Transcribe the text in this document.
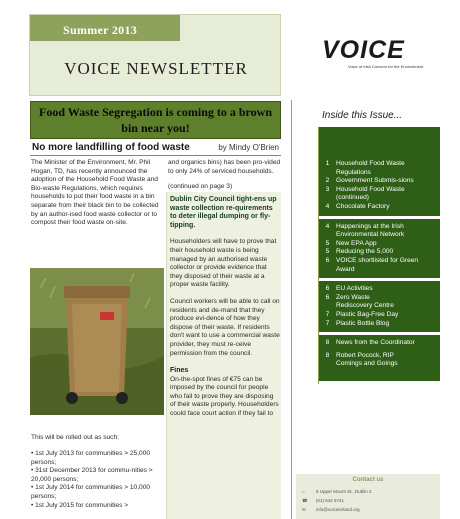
Summer 2013
VOICE NEWSLETTER
VOICE
Voice of Irish Concern for the Environment
Food Waste Segregation is coming to a brown bin near you!
No more landfilling of food waste	by Mindy O'Brien
The Minister of the Environment, Mr. Phil Hogan, TD, has recently announced the adoption of the Household Food Waste and Bio-waste Regulations, which requires households to put their food waste in a bin separate from their black bin to be collected by an author-ised food waste collector or to compost their food waste on-site.
This will be rolled out as such:

• 1st July 2013 for communities > 25,000 persons;

• 31st December 2013 for commu-nities > 20,000 persons;

• 1st July 2014 for communities > 10,000 persons;

• 1st July 2015 for communities >

and organics bins) has been pro-vided to only 24% of serviced households.
(continued on page 3)

Dublin City Council tight-ens up waste collection re-quirements to deter illegal dumping or fly-tipping.

Householders will have to prove that their household waste is being managed by an authorised waste collector or provide evidence that they disposed of their waste at a proper waste facility.

Council workers will be able to call on residents and de-mand that they produce evi-dence of how they dispose of their waste. If residents don't want to use a commercial waste provider, they must re-ceive permission from the council.

Fines

On-the-spot fines of €75 can be imposed by the council for people who fail to prove they are disposing of their waste properly. Householders could face court action if they fail to

Inside this Issue...
1	Household Food Waste Regulations
2	Government Submis-sions
3	Household Food Waste (continued)
4	Chocolate Factory
4	Happenings at the Irish Environmental Network
5	New EPA App
5	Reducing the 5,000
6	VOICE shortlisted for Green Award
6	EU Activities
6	Zero Waste
Rediscovery Centre
7	Plastic Bag-Free Day
7	Plastic Bottle Blog
8	News from the Coordinator
8	Robert Pocock, RIP
Comings and Goings
Contact us
⌂	9 Upper Mount St., Dublin 2
☎ (01) 642 5741
✉ info@voiceireland.org
